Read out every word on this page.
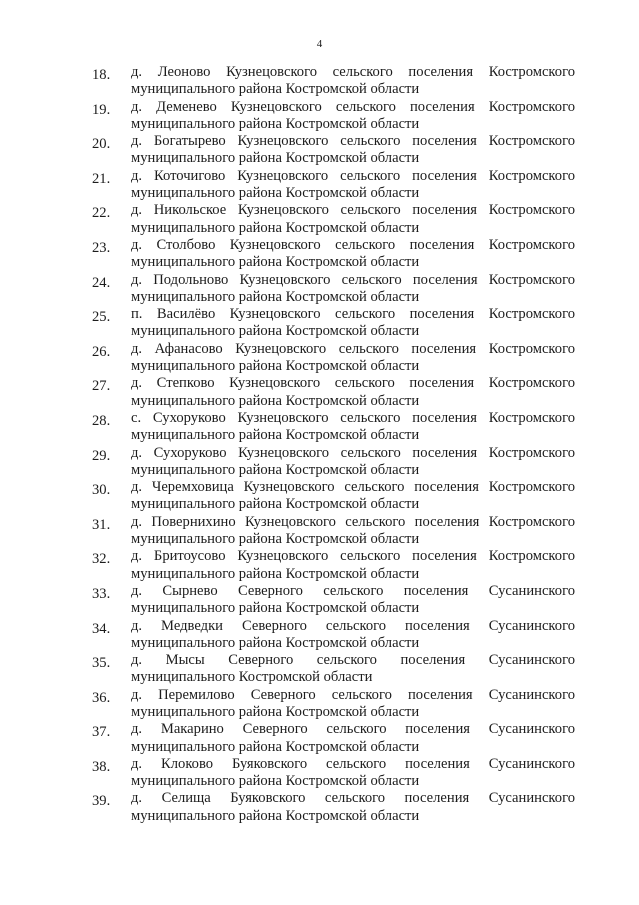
4
18.	д. Леоново Кузнецовского сельского поселения Костромского
муниципального района Костромской области
19.	д. Деменево Кузнецовского сельского поселения Костромского
муниципального района Костромской области
20.	д. Богатырево Кузнецовского сельского поселения Костромского
муниципального района Костромской области
21.	д. Коточигово Кузнецовского сельского поселения Костромского
муниципального района Костромской области
22.	д. Никольское Кузнецовского сельского поселения Костромского
муниципального района Костромской области
23.	д. Столбово Кузнецовского сельского поселения Костромского
муниципального района Костромской области
24.	д. Подольново Кузнецовского сельского поселения Костромского
муниципального района Костромской области
25.	п. Василёво Кузнецовского сельского поселения Костромского
муниципального района Костромской области
26.	д. Афанасово Кузнецовского сельского поселения Костромского
муниципального района Костромской области
27.	д. Степково Кузнецовского сельского поселения Костромского
муниципального района Костромской области
28.	с. Сухоруково Кузнецовского сельского поселения Костромского
муниципального района Костромской области
29.	д. Сухоруково Кузнецовского сельского поселения Костромского
муниципального района Костромской области
30.	д. Черемховица Кузнецовского сельского поселения Костромского
муниципального района Костромской области
31.	д. Повернихино Кузнецовского сельского поселения Костромского
муниципального района Костромской области
32.	д. Бритоусово Кузнецовского сельского поселения Костромского
муниципального района Костромской области
33.	д. Сырнево Северного сельского поселения Сусанинского
муниципального района Костромской области
34.	д. Медведки Северного сельского поселения Сусанинского
муниципального района Костромской области
35.	д. Мысы Северного сельского поселения Сусанинского
муниципального Костромской области
36.	д. Перемилово Северного сельского поселения Сусанинского
муниципального района Костромской области
37.	д. Макарино Северного сельского поселения Сусанинского
муниципального района Костромской области
38.	д. Клоково Буяковского сельского поселения Сусанинского
муниципального района Костромской области
39.	д. Селища Буяковского сельского поселения Сусанинского
муниципального района Костромской области
